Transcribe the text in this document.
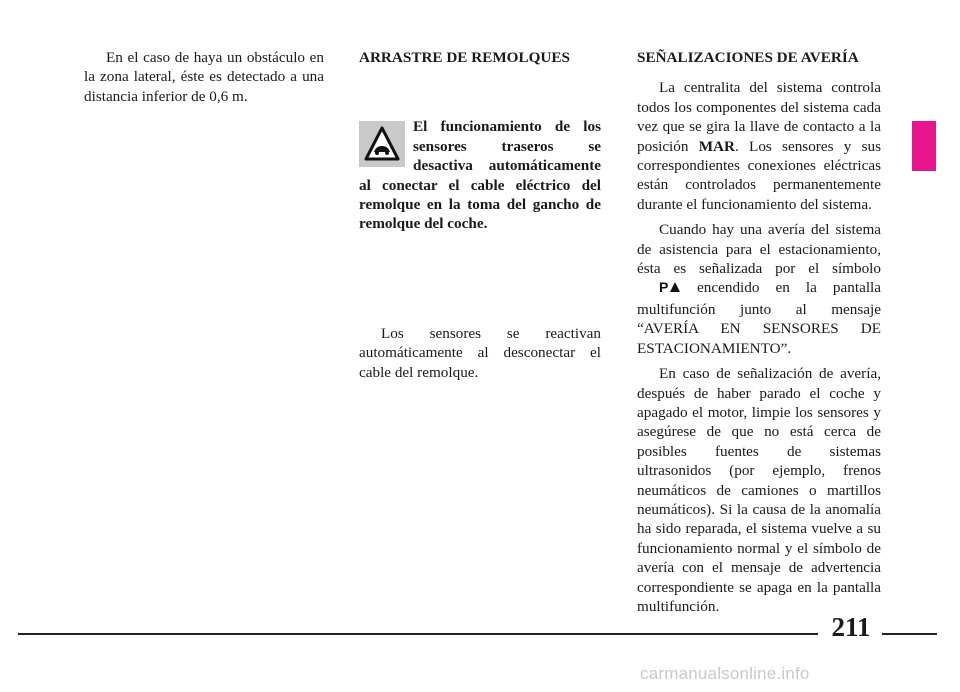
En el caso de haya un obstáculo en la zona lateral, éste es detectado a una distancia inferior de 0,6 m.

ARRASTRE DE REMOLQUES

El funcionamiento de los sensores traseros se desactiva automáticamente al conectar el cable eléctrico del remolque en la toma del gancho de remolque del coche.

Los sensores se reactivan automáticamente al desconectar el cable del remolque.

SEÑALIZACIONES DE AVERÍA

La centralita del sistema controla todos los componentes del sistema cada vez que se gira la llave de contacto a la posición MAR. Los sensores y sus correspondientes conexiones eléctricas están controlados permanentemente durante el funcionamiento del sistema.

Cuando hay una avería del sistema de asistencia para el estacionamiento, ésta es señalizada por el símbolo
P encendido en la pantalla multifunción junto al mensaje “AVERÍA EN SENSORES DE ESTACIONAMIENTO”.

En caso de señalización de avería, después de haber parado el coche y apagado el motor, limpie los sensores y asegúrese de que no está cerca de posibles fuentes de sistemas ultrasonidos (por ejemplo, frenos neumáticos de camiones o martillos neumáticos). Si la causa de la anomalía ha sido reparada, el sistema vuelve a su funcionamiento normal y el símbolo de avería con el mensaje de advertencia correspondiente se apaga en la pantalla multifunción.

211
carmanualsonline.info
